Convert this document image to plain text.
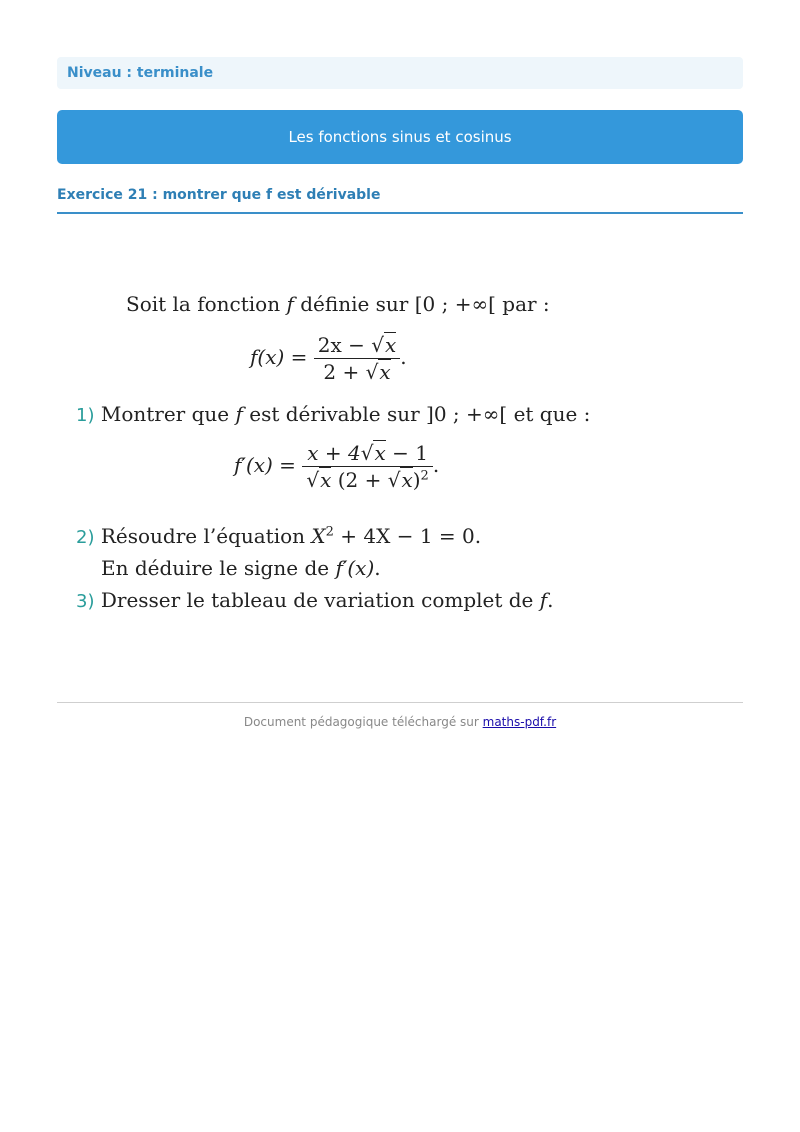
Niveau : terminale
Les fonctions sinus et cosinus
Exercice 21 : montrer que f est dérivable
Soit la fonction f définie sur [0 ; +∞[ par :
$f(x) = \frac{2x - √x}{2 + √x}$ .
1) Montrer que f est dérivable sur ]0 ; +∞[ et que :
$f'(x) = \frac{x + 4√x - 1}{√x (2 + √x)^2}$ .
2) Résoudre l’équation $X^2 + 4X - 1 = 0$.
En déduire le signe de f′(x).
3) Dresser le tableau de variation complet de f.
Document pédagogique téléchargé sur maths-pdf.fr
